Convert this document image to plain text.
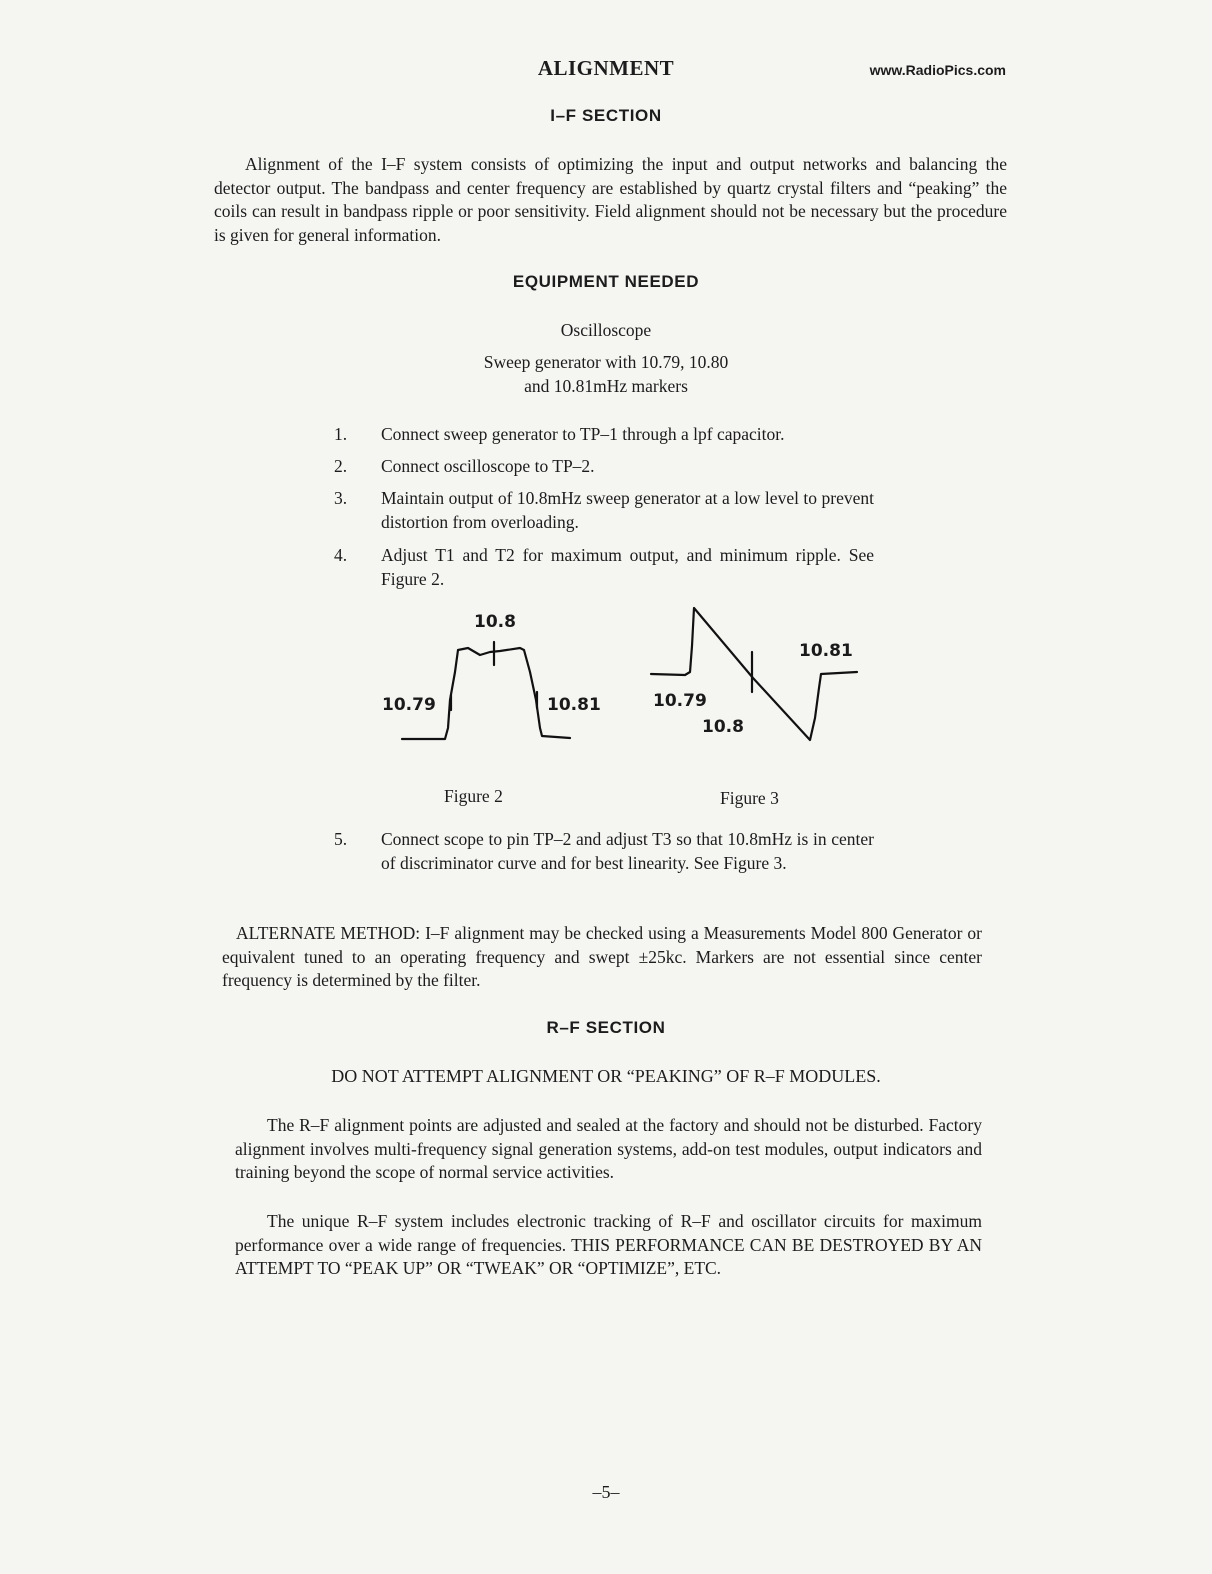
ALIGNMENT	www.RadioPics.com
I–F SECTION
Alignment of the I–F system consists of optimizing the input and output networks and balancing the detector output. The bandpass and center frequency are established by quartz crystal filters and “peaking” the coils can result in bandpass ripple or poor sensitivity. Field alignment should not be necessary but the procedure is given for general information.
EQUIPMENT NEEDED
Oscilloscope
Sweep generator with 10.79, 10.80
and 10.81mHz markers
1. Connect sweep generator to TP–1 through a lpf capacitor.
2. Connect oscilloscope to TP–2.
3. Maintain output of 10.8mHz sweep generator at a low level to prevent distortion from overloading.
4. Adjust T1 and T2 for maximum output, and minimum ripple. See Figure 2.
10.8
10.79	10.81	10.79
10.8
10.81
Figure 2	Figure 3
5. Connect scope to pin TP–2 and adjust T3 so that 10.8mHz is in center of discriminator curve and for best linearity. See Figure 3.
ALTERNATE METHOD: I–F alignment may be checked using a Measurements Model 800 Generator or equivalent tuned to an operating frequency and swept ±25kc. Markers are not essential since center frequency is determined by the filter.
R–F SECTION
DO NOT ATTEMPT ALIGNMENT OR “PEAKING” OF R–F MODULES.
The R–F alignment points are adjusted and sealed at the factory and should not be disturbed. Factory alignment involves multi-frequency signal generation systems, add-on test modules, output indicators and training beyond the scope of normal service activities.
The unique R–F system includes electronic tracking of R–F and oscillator circuits for maximum performance over a wide range of frequencies. THIS PERFORMANCE CAN BE DESTROYED BY AN ATTEMPT TO “PEAK UP” OR “TWEAK” OR “OPTIMIZE”, ETC.
–5–
